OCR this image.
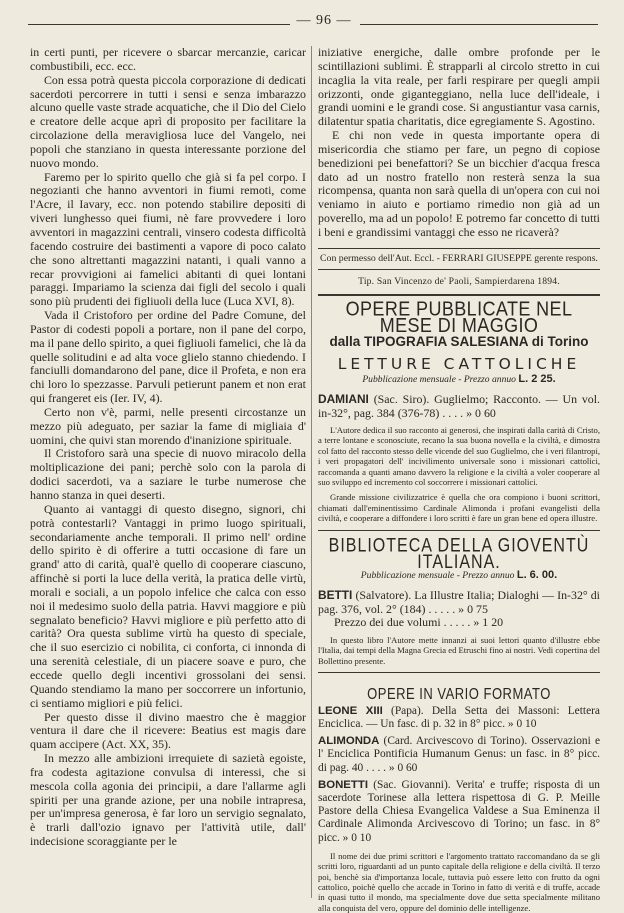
— 96 —

in certi punti, per ricevere o sbarcar mercanzie, caricar combustibili, ecc. ecc.

Con essa potrà questa piccola corporazione di dedicati sacerdoti percorrere in tutti i sensi e senza imbarazzo alcuno quelle vaste strade acquatiche, che il Dio del Cielo e creatore delle acque aprì di proposito per facilitare la circolazione della meravigliosa luce del Vangelo, nei popoli che stanziano in questa interessante porzione del nuovo mondo.

Faremo per lo spirito quello che già si fa pel corpo. I negozianti che hanno avventori in fiumi remoti, come l'Acre, il Iavary, ecc. non potendo stabilire depositi di viveri lunghesso quei fiumi, nè fare provvedere i loro avventori in magazzini centrali, vinsero codesta difficoltà facendo costruire dei bastimenti a vapore di poco calato che sono altrettanti magazzini natanti, i quali vanno a recar provvigioni ai famelici abitanti di quei lontani paraggi. Impariamo la scienza dai figli del secolo i quali sono più prudenti dei figliuoli della luce (Luca XVI, 8).

Vada il Cristoforo per ordine del Padre Comune, del Pastor di codesti popoli a portare, non il pane del corpo, ma il pane dello spirito, a quei figliuoli famelici, che là da quelle solitudini e ad alta voce glielo stanno chiedendo. I fanciulli domandarono del pane, dice il Profeta, e non era chi loro lo spezzasse. Parvuli petierunt panem et non erat qui frangeret eis (Ier. IV, 4).

Certo non v'è, parmi, nelle presenti circostanze un mezzo più adeguato, per saziar la fame di migliaia d' uomini, che quivi stan morendo d'inanizione spirituale.

Il Cristoforo sarà una specie di nuovo miracolo della moltiplicazione dei pani; perchè solo con la parola di dodici sacerdoti, va a saziare le turbe numerose che hanno stanza in quei deserti.

Quanto ai vantaggi di questo disegno, signori, chi potrà contestarli? Vantaggi in primo luogo spirituali, secondariamente anche temporali. Il primo nell' ordine dello spirito è di offerire a tutti occasione di fare un grand' atto di carità, qual'è quello di cooperare ciascuno, affinchè si porti la luce della verità, la pratica delle virtù, morali e sociali, a un popolo infelice che calca con esso noi il medesimo suolo della patria. Havvi maggiore e più segnalato beneficio? Havvi migliore e più perfetto atto di carità? Ora questa sublime virtù ha questo di speciale, che il suo esercizio ci nobilita, ci conforta, ci innonda di una serenità celestiale, di un piacere soave e puro, che eccede quello degli incentivi grossolani dei sensi. Quando stendiamo la mano per soccorrere un infortunio, ci sentiamo migliori e più felici.

Per questo disse il divino maestro che è maggior ventura il dare che il ricevere: Beatius est magis dare quam accipere (Act. XX, 35).

In mezzo alle ambizioni irrequiete di sazietà egoiste, fra codesta agitazione convulsa di interessi, che si mescola colla agonia dei principii, a dare l'allarme agli spiriti per una grande azione, per una nobile intrapresa, per un'impresa generosa, è far loro un servigio segnalato, è trarli dall'ozio ignavo per l'attività utile, dall' indecisione scoraggiante per le

iniziative energiche, dalle ombre profonde per le scintillazioni sublimi. È strapparli al circolo stretto in cui incaglia la vita reale, per farli respirare per quegli ampii orizzonti, onde giganteggiano, nella luce dell'ideale, i grandi uomini e le grandi cose. Si angustiantur vasa carnis, dilatentur spatia charitatis, dice egregiamente S. Agostino.

E chi non vede in questa importante opera di misericordia che stiamo per fare, un pegno di copiose benedizioni pei benefattori? Se un bicchier d'acqua fresca dato ad un nostro fratello non resterà senza la sua ricompensa, quanta non sarà quella di un'opera con cui noi veniamo in aiuto e portiamo rimedio non già ad un poverello, ma ad un popolo! E potremo far concetto di tutti i beni e grandissimi vantaggi che esso ne ricaverà?

Con permesso dell'Aut. Eccl. - FERRARI GIUSEPPE gerente respons.
Tip. San Vincenzo de' Paoli, Sampierdarena 1894.
OPERE PUBBLICATE NEL MESE DI MAGGIO
dalla TIPOGRAFIA SALESIANA di Torino
LETTURE CATTOLICHE
Pubblicazione mensuale - Prezzo annuo L. 2 25.
DAMIANI (Sac. Siro). Guglielmo; Racconto. — Un vol. in-32°, pag. 384 (376-78) . . . . » 0 60
L'Autore dedica il suo racconto ai generosi, che inspirati dalla carità di Cristo, a terre lontane e sconosciute, recano la sua buona novella e la civiltà, e dimostra col fatto del racconto stesso delle vicende del suo Guglielmo, che i veri filantropi, i veri propagatori dell' incivilimento universale sono i missionari cattolici, raccomanda a quanti amano davvero la religione e la civiltà a voler cooperare al suo sviluppo ed incremento col soccorrere i missionari cattolici.
Grande missione civilizzatrice è quella che ora compiono i buoni scrittori, chiamati dall'eminentissimo Cardinale Alimonda i profani evangelisti della civiltà, e cooperare a diffondere i loro scritti è fare un gran bene ed opera illustre.
BIBLIOTECA DELLA GIOVENTÙ ITALIANA.
Pubblicazione mensuale - Prezzo annuo L. 6. 00.
BETTI (Salvatore). La Illustre Italia; Dialoghi — In-32° di pag. 376, vol. 2° (184) . . . . . » 0 75
Prezzo dei due volumi . . . . . » 1 20
In questo libro l'Autore mette innanzi ai suoi lettori quanto d'illustre ebbe l'Italia, dai tempi della Magna Grecia ed Etruschi fino ai nostri. Vedi copertina del Bollettino presente.
OPERE IN VARIO FORMATO
LEONE XIII (Papa). Della Setta dei Massoni: Lettera Enciclica. — Un fasc. di p. 32 in 8° picc. » 0 10
ALIMONDA (Card. Arcivescovo di Torino). Osservazioni e l' Enciclica Pontificia Humanum Genus: un fasc. in 8° picc. di pag. 40 . . . . » 0 60
BONETTI (Sac. Giovanni). Verita' e truffe; risposta di un sacerdote Torinese alla lettera rispettosa di G. P. Meille Pastore della Chiesa Evangelica Valdese a Sua Eminenza il Cardinale Alimonda Arcivescovo di Torino; un fasc. in 8° picc. » 0 10
Il nome dei due primi scrittori e l'argomento trattato raccomandano da se gli scritti loro, riguardanti ad un punto capitale della religione e della civiltà. Il terzo poi, benchè sia d'importanza locale, tuttavia può essere letto con frutto da ogni cattolico, poichè quello che accade in Torino in fatto di verità e di truffe, accade in quasi tutto il mondo, ma specialmente dove due setta specialmente militano alla conquista del vero, oppure del dominio delle intelligenze.
